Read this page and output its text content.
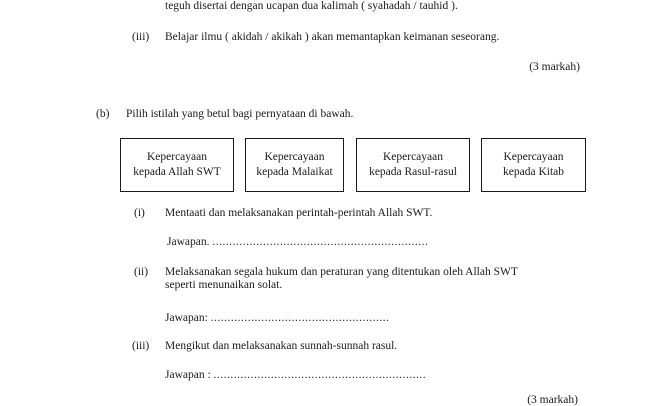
teguh disertai dengan ucapan dua kalimah ( syahadah / tauhid ).
(iii) Belajar ilmu ( akidah / akikah ) akan memantapkan keimanan seseorang.
(3 markah)
(b) Pilih istilah yang betul bagi pernyataan di bawah.
Kepercayaan
kepada Allah SWT
Kepercayaan
kepada Malaikat
Kepercayaan
kepada Rasul-rasul
Kepercayaan
kepada Kitab
(i) Mentaati dan melaksanakan perintah-perintah Allah SWT.
Jawapan. ................................................................
(ii) Melaksanakan segala hukum dan peraturan yang ditentukan oleh Allah SWT
seperti menunaikan solat.
Jawapan: .....................................................
(iii) Mengikut dan melaksanakan sunnah-sunnah rasul.
Jawapan : ...............................................................
(3 markah)
